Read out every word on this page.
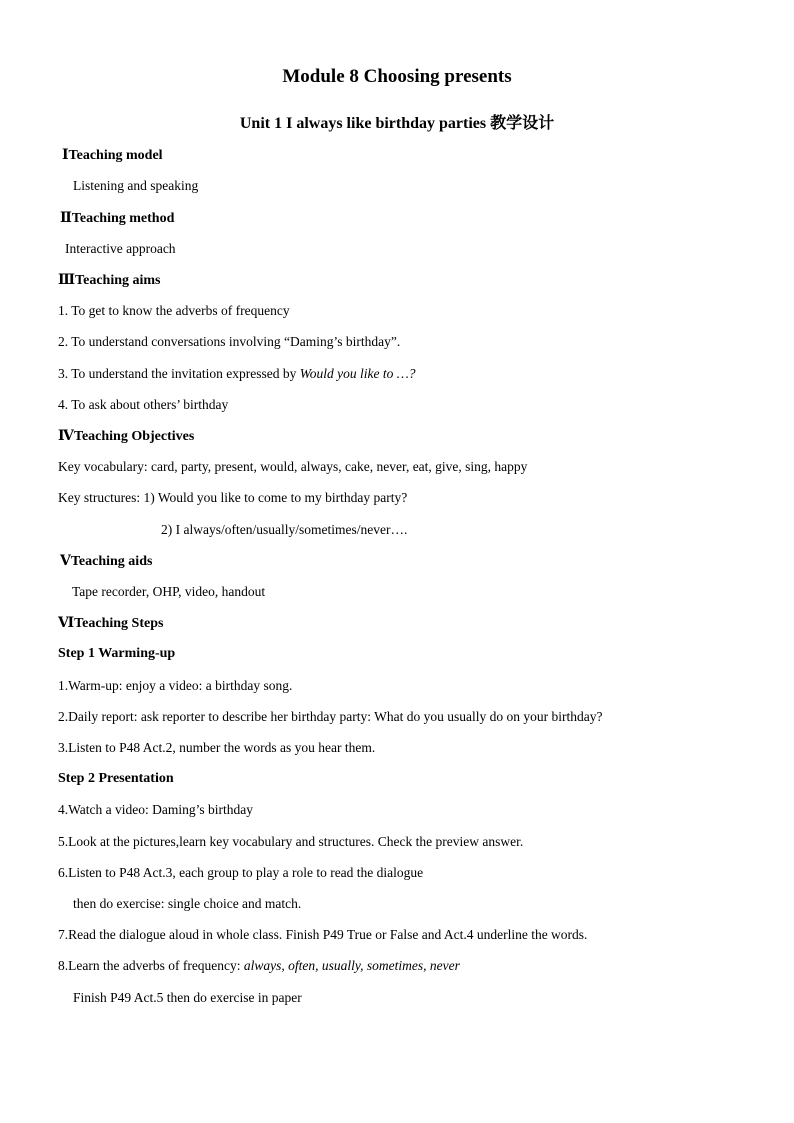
Module 8 Choosing presents
Unit 1 I always like birthday parties 教学设计
ⅠTeaching model
Listening and speaking
ⅡTeaching method
Interactive approach
ⅢTeaching aims
1. To get to know the adverbs of frequency
2. To understand conversations involving “Daming’s birthday”.
3. To understand the invitation expressed by Would you like to …?
4. To ask about others’ birthday
ⅣTeaching Objectives
Key vocabulary: card, party, present, would, always, cake, never, eat, give, sing, happy
Key structures: 1) Would you like to come to my birthday party?
2) I always/often/usually/sometimes/never….
ⅤTeaching aids
Tape recorder, OHP, video, handout
ⅥTeaching Steps
Step 1 Warming-up
1.Warm-up: enjoy a video: a birthday song.
2.Daily report: ask reporter to describe her birthday party: What do you usually do on your birthday?
3.Listen to P48 Act.2, number the words as you hear them.
Step 2 Presentation
4.Watch a video: Daming’s birthday
5.Look at the pictures,learn key vocabulary and structures. Check the preview answer.
6.Listen to P48 Act.3, each group to play a role to read the dialogue
then do exercise: single choice and match.
7.Read the dialogue aloud in whole class. Finish P49 True or False and Act.4 underline the words.
8.Learn the adverbs of frequency: always, often, usually, sometimes, never
Finish P49 Act.5 then do exercise in paper
